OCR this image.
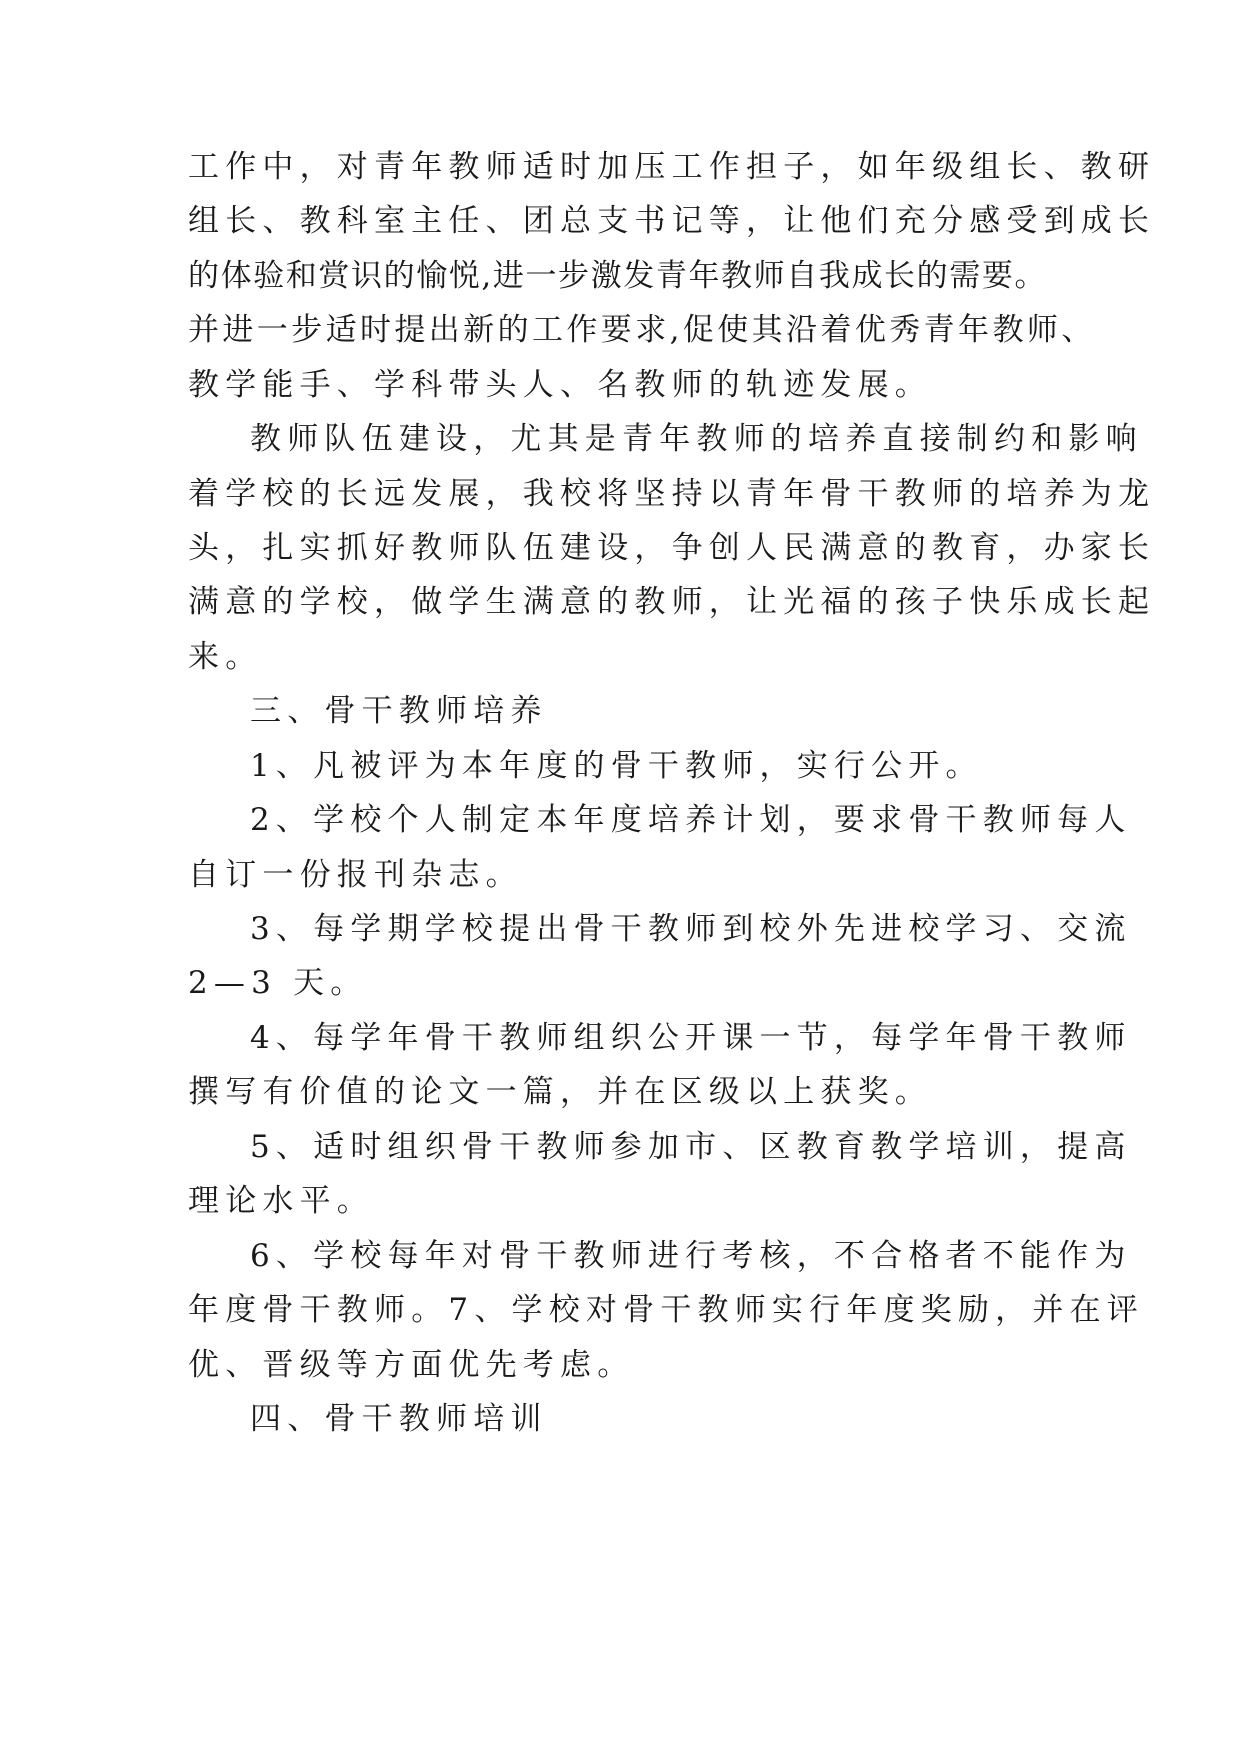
工作中，对青年教师适时加压工作担子，如年级组长、教研

组长、教科室主任、团总支书记等，让他们充分感受到成长

的体验和赏识的愉悦,进一步激发青年教师自我成长的需要。

并进一步适时提出新的工作要求,促使其沿着优秀青年教师、

教学能手、学科带头人、名教师的轨迹发展。

教师队伍建设，尤其是青年教师的培养直接制约和影响

着学校的长远发展，我校将坚持以青年骨干教师的培养为龙

头，扎实抓好教师队伍建设，争创人民满意的教育，办家长

满意的学校，做学生满意的教师，让光福的孩子快乐成长起

来。

三、骨干教师培养

1、凡被评为本年度的骨干教师，实行公开。

2、学校个人制定本年度培养计划，要求骨干教师每人

自订一份报刊杂志。

3、每学期学校提出骨干教师到校外先进校学习、交流

2—3 天。

4、每学年骨干教师组织公开课一节，每学年骨干教师

撰写有价值的论文一篇，并在区级以上获奖。

5、适时组织骨干教师参加市、区教育教学培训，提高

理论水平。

6、学校每年对骨干教师进行考核，不合格者不能作为

年度骨干教师。7、学校对骨干教师实行年度奖励，并在评

优、晋级等方面优先考虑。

四、骨干教师培训
